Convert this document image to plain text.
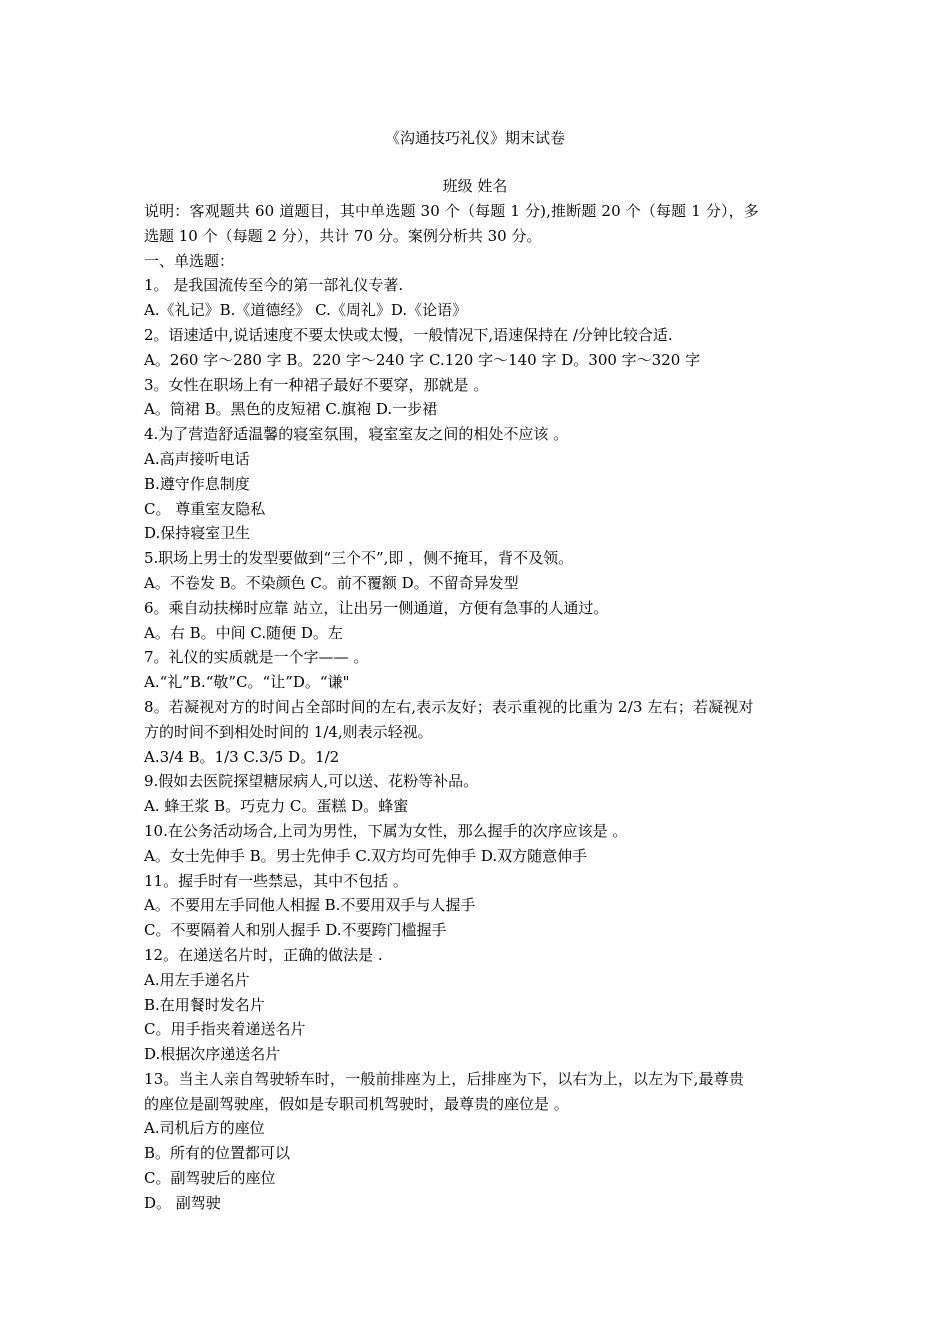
《沟通技巧礼仪》期末试卷
班级 姓名
说明：客观题共 60 道题目，其中单选题 30 个（每题 1 分),推断题 20 个（每题 1 分），多
选题 10 个（每题 2 分），共计 70 分。案例分析共 30 分。
一、单选题：
1。 是我国流传至今的第一部礼仪专著.
A.《礼记》B.《道德经》 C.《周礼》D.《论语》
2。语速适中,说话速度不要太快或太慢，一般情况下,语速保持在 /分钟比较合适.
A。260 字～280 字 B。220 字～240 字 C.120 字～140 字 D。300 字～320 字
3。女性在职场上有一种裙子最好不要穿，那就是 。
A。筒裙 B。黑色的皮短裙 C.旗袍 D.一步裙
4.为了营造舒适温馨的寝室氛围，寝室室友之间的相处不应该 。
A.高声接听电话
B.遵守作息制度
C。 尊重室友隐私
D.保持寝室卫生
5.职场上男士的发型要做到“三个不”,即 ，侧不掩耳，背不及领。
A。不卷发 B。不染颜色 C。前不覆额 D。不留奇异发型
6。乘自动扶梯时应靠 站立，让出另一侧通道，方便有急事的人通过。
A。右 B。中间 C.随便 D。左
7。礼仪的实质就是一个字—— 。
A.“礼”B.“敬”C。“让”D。“谦"
8。若凝视对方的时间占全部时间的左右,表示友好；表示重视的比重为 2/3 左右；若凝视对
方的时间不到相处时间的 1/4,则表示轻视。
A.3/4 B。1/3 C.3/5 D。1/2
9.假如去医院探望糖尿病人,可以送、花粉等补品。
A. 蜂王浆 B。巧克力 C。蛋糕 D。蜂蜜
10.在公务活动场合,上司为男性，下属为女性，那么握手的次序应该是 。
A。女士先伸手 B。男士先伸手 C.双方均可先伸手 D.双方随意伸手
11。握手时有一些禁忌，其中不包括 。
A。不要用左手同他人相握 B.不要用双手与人握手
C。不要隔着人和别人握手 D.不要跨门槛握手
12。在递送名片时，正确的做法是 .
A.用左手递名片
B.在用餐时发名片
C。用手指夹着递送名片
D.根据次序递送名片
13。当主人亲自驾驶轿车时，一般前排座为上，后排座为下，以右为上，以左为下,最尊贵
的座位是副驾驶座，假如是专职司机驾驶时，最尊贵的座位是 。
A.司机后方的座位
B。所有的位置都可以
C。副驾驶后的座位
D。 副驾驶
